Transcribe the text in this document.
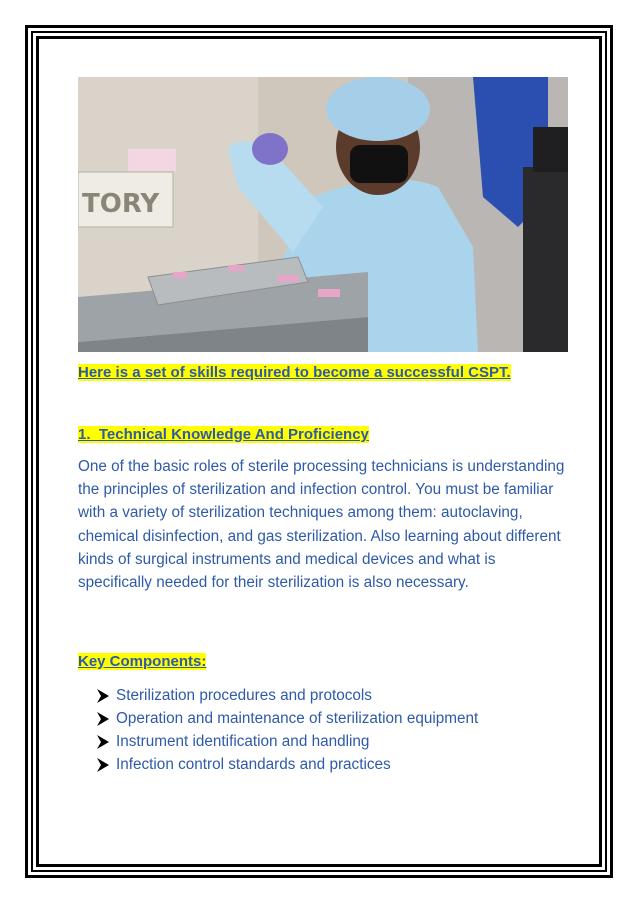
TORY
Here is a set of skills required to become a successful CSPT.
1.  Technical Knowledge And Proficiency

One of the basic roles of sterile processing technicians is understanding the principles of sterilization and infection control. You must be familiar with a variety of sterilization techniques among them: autoclaving, chemical disinfection, and gas sterilization. Also learning about different kinds of surgical instruments and medical devices and what is specifically needed for their sterilization is also necessary.

Key Components:
Sterilization procedures and protocols
Operation and maintenance of sterilization equipment
Instrument identification and handling
Infection control standards and practices
